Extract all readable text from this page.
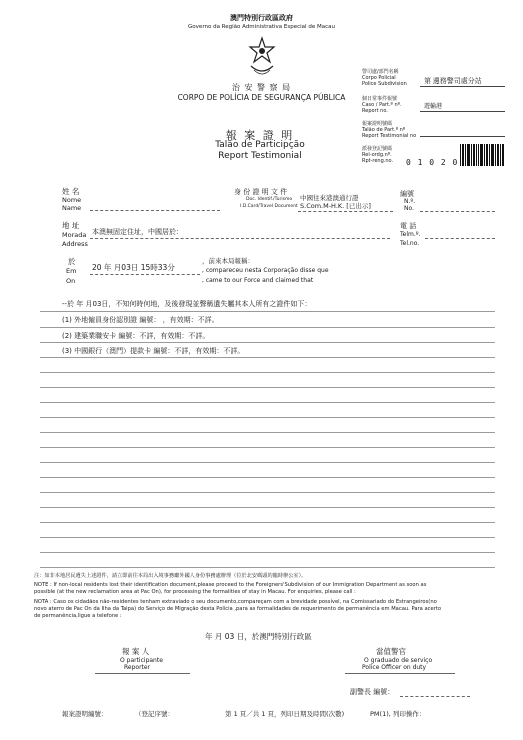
澳門特別行政區政府
Governo da Região Administrativa Especial de Macau
治 安 警 察 局
CORPO DE POLÍCIA DE SEGURANÇA PÚBLICA
警司處/部門名稱
Corpo Policial
Police Subdivision 第 邊務警司處分站
個日常事件報號
Caso / Part.º nº.
Report no.
遊輸港
報案證明號碼
Talão de Part.º nº
Report Testimonial no
派發登記號碼
Rel-ordg.nº.
Rpt-reng.no. 0 1 0 2 0
報 案 證 明
Talão de Participção
Report Testimonial
姓 名
Nome
Name
身 份 證 明 文 件
Doc. Identif./Turismo
I.D.Card/Travel Document
中國往來港澳通行證
S.Com.M-H.K. [已出示]
編號
N.º.
No.
地 址
Morada
Address
本澳無固定住址，中國居於：
電 話
Telm.º.
Tel.no.
於
Em
On
20 年 月03日 15時33分
，前來本局報稱：
, compareceu nesta Corporação disse que
, came to our Force and claimed that
--於 年 月03日，不知何時何地，及後發現並聲稱遺失屬其本人所有之證件如下：
(1) 外地僱員身份認別證 編號： ，有效期：不詳。
(2) 建築業職安卡 編號：不詳，有效期：不詳。
(3) 中國銀行（澳門）提款卡 編號：不詳，有效期：不詳。
注：如非本地居民遺失上述證件，請立即前往本局出入境事務廳外國人身份事務處辦理（位於北安碼頭的臨時辦公室）。
NOTE : If non-local residents lost their identification document,please proceed to the Foreigners'Subdivision of our Immigration Department as soon as
possible (at the new reclamation area at Pac On), for processing the formalities of stay in Macau. For enquiries, please call :
NOTA : Caso os cidadãos não-residentes tenham extraviado o seu documento,compareçam com a brevidade possível, na Comissariado do Estrangeiros(no
novo aterro de Pac On da Ilha da Taipa) do Serviço de Migração desta Polícia ,para as formalidades de requerimento de permanência em Macau. Para acerto
de permanência,ligue a telefone :
年 月 03 日，於澳門特別行政區
報 案 人
O participante
Reporter
當值警官
O graduado de serviço
Police Officer on duty
副警長 編號：
報案證明編號：	（登記序號：	第 1 頁／共 1 頁，列印日期及時間(次數)	PM(1), 列印操作：
